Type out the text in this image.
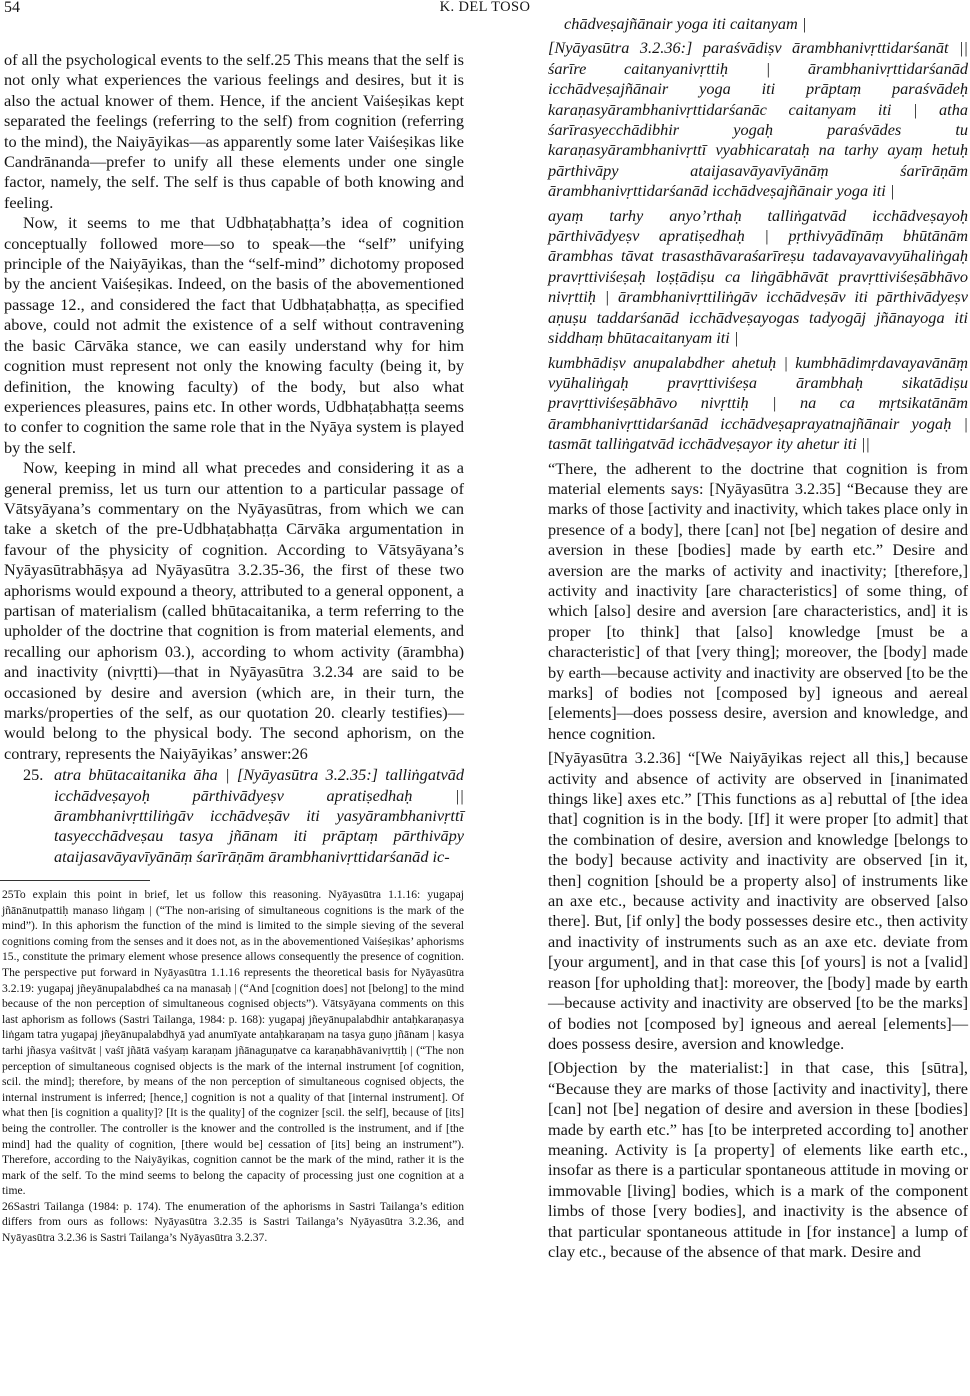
54	K. DEL TOSO

of all the psychological events to the self.25 This means that the self is not only what experiences the various feelings and desires, but it is also the actual knower of them. Hence, if the ancient Vaiśeṣikas kept separated the feelings (referring to the self) from cognition (referring to the mind), the Naiyāyikas—as apparently some later Vaiśeṣikas like Candrānanda—prefer to unify all these elements under one single factor, namely, the self. The self is thus capable of both knowing and feeling.

Now, it seems to me that Udbhaṭabhaṭṭa’s idea of cognition conceptually followed more—so to speak—the “self” unifying principle of the Naiyāyikas, than the “self-mind” dichotomy proposed by the ancient Vaiśeṣikas. Indeed, on the basis of the abovementioned passage 12., and considered the fact that Udbhaṭabhaṭṭa, as specified above, could not admit the existence of a self without contravening the basic Cārvāka stance, we can easily understand why for him cognition must represent not only the knowing faculty (being it, by definition, the knowing faculty) of the body, but also what experiences pleasures, pains etc. In other words, Udbhaṭabhaṭṭa seems to confer to cognition the same role that in the Nyāya system is played by the self.

Now, keeping in mind all what precedes and considering it as a general premiss, let us turn our attention to a particular passage of Vātsyāyana’s commentary on the Nyāyasūtras, from which we can take a sketch of the pre-Udbhaṭabhaṭṭa Cārvāka argumentation in favour of the physicity of cognition. According to Vātsyāyana’s Nyāyasūtrabhāṣya ad Nyāyasūtra 3.2.35-36, the first of these two aphorisms would expound a theory, attributed to a general opponent, a partisan of materialism (called bhūtacaitanika, a term referring to the upholder of the doctrine that cognition is from material elements, and recalling our aphorism 03.), according to whom activity (ārambha) and inactivity (nivṛtti)—that in Nyāyasūtra 3.2.34 are said to be occasioned by desire and aversion (which are, in their turn, the marks/properties of the self, as our quotation 20. clearly testifies)—would belong to the physical body. The second aphorism, on the contrary, represents the Naiyāyikas’ answer:26

25. atra bhūtacaitanika āha | [Nyāyasūtra 3.2.35:] talliṅgatvād icchādveṣayoḥ pārthivādyeṣv apratiṣedhaḥ || ārambhanivṛttiliṅgāv icchādveṣāv iti yasyārambhanivṛttī tasyecchādveṣau tasya jñānam iti prāptaṃ pārthivāpy ataijasavāyavīyānāṃ śarīrāṇām ārambhanivṛttidarśanād ic-

25To explain this point in brief, let us follow this reasoning. Nyāyasūtra 1.1.16: yugapaj jñānānutpattiḥ manaso liṅgaṃ | (“The non-arising of simultaneous cognitions is the mark of the mind”). In this aphorism the function of the mind is limited to the simple sieving of the several cognitions coming from the senses and it does not, as in the abovementioned Vaiśeṣikas’ aphorisms 15., constitute the primary element whose presence allows consequently the presence of cognition. The perspective put forward in Nyāyasūtra 1.1.16 represents the theoretical basis for Nyāyasūtra 3.2.19: yugapaj jñeyānupalabdheś ca na manasaḥ | (“And [cognition does] not [belong] to the mind because of the non perception of simultaneous cognised objects”). Vātsyāyana comments on this last aphorism as follows (Sastri Tailanga, 1984: p. 168): yugapaj jñeyānupalabdhir antaḥkaraṇasya liṅgam tatra yugapaj jñeyānupalabdhyā yad anumīyate antaḥkaraṇam na tasya guṇo jñānam | kasya tarhi jñasya vaśitvāt | vaśī jñātā vaśyaṃ karaṇam jñānaguṇatve ca karaṇabhāvanivṛttiḥ | (“The non perception of simultaneous cognised objects is the mark of the internal instrument [of cognition, scil. the mind]; therefore, by means of the non perception of simultaneous cognised objects, the internal instrument is inferred; [hence,] cognition is not a quality of that [internal instrument]. Of what then [is cognition a quality]? [It is the quality] of the cognizer [scil. the self], because of [its] being the controller. The controller is the knower and the controlled is the instrument, and if [the mind] had the quality of cognition, [there would be] cessation of [its] being an instrument”). Therefore, according to the Naiyāyikas, cognition cannot be the mark of the mind, rather it is the mark of the self. To the mind seems to belong the capacity of processing just one cognition at a time.

26Sastri Tailanga (1984: p. 174). The enumeration of the aphorisms in Sastri Tailanga’s edition differs from ours as follows: Nyāyasūtra 3.2.35 is Sastri Tailanga’s Nyāyasūtra 3.2.36, and Nyāyasūtra 3.2.36 is Sastri Tailanga’s Nyāyasūtra 3.2.37.

chādveṣajñānair yoga iti caitanyam |

[Nyāyasūtra 3.2.36:] paraśvādiṣv ārambhanivṛttidarśanāt || śarīre caitanyanivṛttiḥ | ārambhanivṛttidarśanād icchādveṣajñānair yoga iti prāptaṃ paraśvādeḥ karaṇasyārambhanivṛttidarśanāc caitanyam iti | atha śarīrasyecchādibhir yogaḥ paraśvādes tu karaṇasyārambhanivṛttī vyabhicarataḥ na tarhy ayaṃ hetuḥ pārthivāpy ataijasavāyavīyānāṃ śarīrāṇām ārambhanivṛttidarśanād icchādveṣajñānair yoga iti |

ayaṃ tarhy anyo’rthaḥ talliṅgatvād icchādveṣayoḥ pārthivādyeṣv apratiṣedhaḥ | pṛthivyādīnāṃ bhūtānām ārambhas tāvat trasasthāvaraśarīreṣu tadavayavavyūhaliṅgaḥ pravṛttiviśeṣaḥ loṣṭādiṣu ca liṅgābhāvāt pravṛttiviśeṣābhāvo nivṛttiḥ | ārambhanivṛttiliṅgāv icchādveṣāv iti pārthivādyeṣv aṇuṣu taddarśanād icchādveṣayogas tadyogāj jñānayoga iti siddhaṃ bhūtacaitanyam iti |

kumbhādiṣv anupalabdher ahetuḥ | kumbhādimṛdavayavānāṃ vyūhaliṅgaḥ pravṛttiviśeṣa ārambhaḥ sikatādiṣu pravṛttiviśeṣābhāvo nivṛttiḥ | na ca mṛtsikatānām ārambhanivṛttidarśanād icchādveṣaprayatnajñānair yogaḥ | tasmāt talliṅgatvād icchādveṣayor ity ahetur iti ||

“There, the adherent to the doctrine that cognition is from material elements says: [Nyāyasūtra 3.2.35] “Because they are marks of those [activity and inactivity, which takes place only in presence of a body], there [can] not [be] negation of desire and aversion in these [bodies] made by earth etc.” Desire and aversion are the marks of activity and inactivity; [therefore,] activity and inactivity [are characteristics] of some thing, of which [also] desire and aversion [are characteristics, and] it is proper [to think] that [also] knowledge [must be a characteristic] of that [very thing]; moreover, the [body] made by earth—because activity and inactivity are observed [to be the marks] of bodies not [composed by] igneous and aereal [elements]—does possess desire, aversion and knowledge, and hence cognition.

[Nyāyasūtra 3.2.36] “[We Naiyāyikas reject all this,] because activity and absence of activity are observed in [inanimated things like] axes etc.” [This functions as a] rebuttal of [the idea that] cognition is in the body. [If] it were proper [to admit] that the combination of desire, aversion and knowledge [belongs to the body] because activity and inactivity are observed [in it, then] cognition [should be a property also] of instruments like an axe etc., because activity and inactivity are observed [also there]. But, [if only] the body possesses desire etc., then activity and inactivity of instruments such as an axe etc. deviate from [your argument], and in that case this [of yours] is not a [valid] reason [for upholding that]: moreover, the [body] made by earth—because activity and inactivity are observed [to be the marks] of bodies not [composed by] igneous and aereal [elements]—does possess desire, aversion and knowledge.

[Objection by the materialist:] in that case, this [sūtra], “Because they are marks of those [activity and inactivity], there [can] not [be] negation of desire and aversion in these [bodies] made by earth etc.” has [to be interpreted according to] another meaning. Activity is [a property] of elements like earth etc., insofar as there is a particular spontaneous attitude in moving or immovable [living] bodies, which is a mark of the component limbs of those [very bodies], and inactivity is the absence of that particular spontaneous attitude in [for instance] a lump of clay etc., because of the absence of that mark. Desire and
